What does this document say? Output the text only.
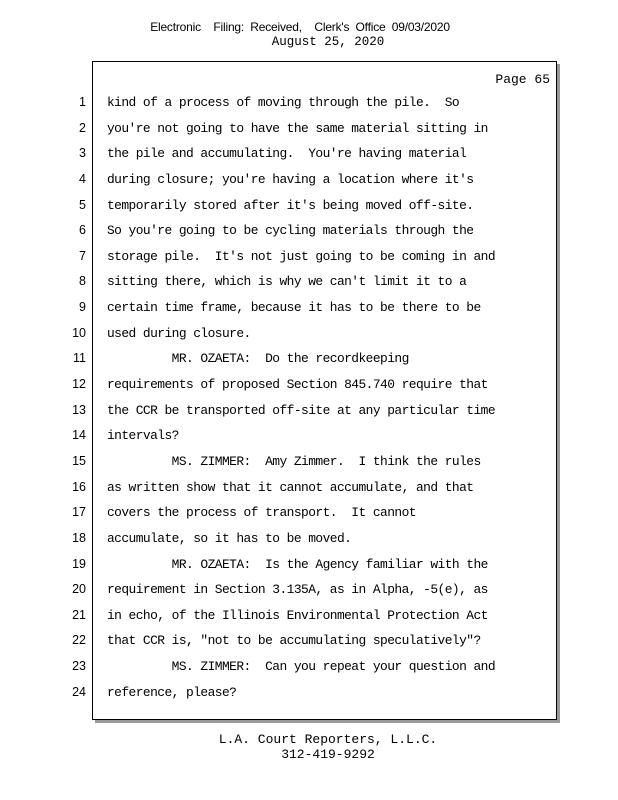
Electronic    Filing:  Received,    Clerk's  Office  09/03/2020
August 25, 2020
Page 65
1
2
3
4
5
6
7
8
9
10
11
12
13
14
15
16
17
18
19
20
21
22
23
24
kind of a process of moving through the pile.  So
you're not going to have the same material sitting in
the pile and accumulating.  You're having material
during closure; you're having a location where it's
temporarily stored after it's being moved off-site.
So you're going to be cycling materials through the
storage pile.  It's not just going to be coming in and
sitting there, which is why we can't limit it to a
certain time frame, because it has to be there to be
used during closure.
MR. OZAETA:  Do the recordkeeping
requirements of proposed Section 845.740 require that
the CCR be transported off-site at any particular time
intervals?
MS. ZIMMER:  Amy Zimmer.  I think the rules
as written show that it cannot accumulate, and that
covers the process of transport.  It cannot
accumulate, so it has to be moved.
MR. OZAETA:  Is the Agency familiar with the
requirement in Section 3.135A, as in Alpha, -5(e), as
in echo, of the Illinois Environmental Protection Act
that CCR is, "not to be accumulating speculatively"?
MS. ZIMMER:  Can you repeat your question and
reference, please?
L.A. Court Reporters, L.L.C.
312-419-9292
